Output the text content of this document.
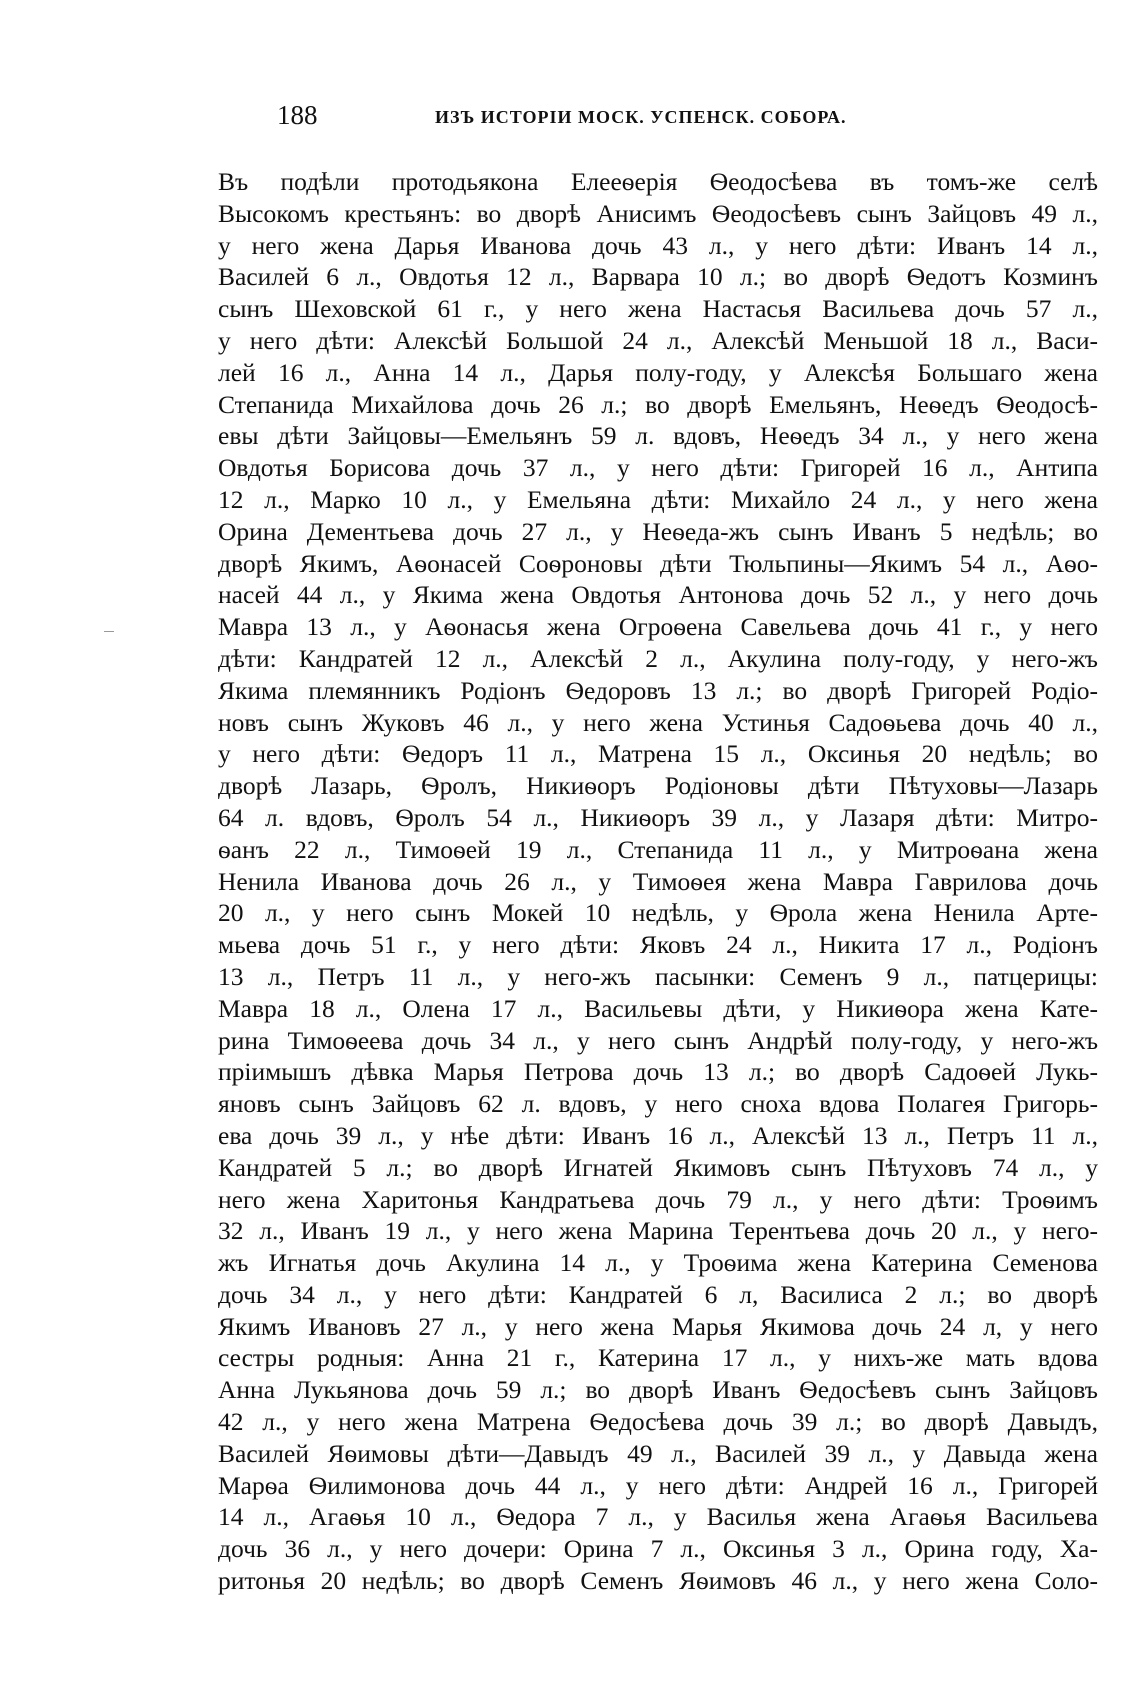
188	ИЗЪ ИСТОРІИ МОСК. УСПЕНСК. СОБОРА.
Въ подѣли протодьякона Елееѳерія Ѳеодосѣева въ томъ-же селѣ
Высокомъ крестьянъ: во дворѣ Анисимъ Ѳеодосѣевъ сынъ Зайцовъ 49 л.,
у него жена Дарья Иванова дочь 43 л., у него дѣти: Иванъ 14 л.,
Василей 6 л., Овдотья 12 л., Варвара 10 л.; во дворѣ Ѳедотъ Козминъ
сынъ Шеховской 61 г., у него жена Настасья Васильева дочь 57 л.,
у него дѣти: Алексѣй Большой 24 л., Алексѣй Меньшой 18 л., Васи-
лей 16 л., Анна 14 л., Дарья полу-году, у Алексѣя Большаго жена
Степанида Михайлова дочь 26 л.; во дворѣ Емельянъ, Неѳедъ Ѳеодосѣ-
евы дѣти Зайцовы—Емельянъ 59 л. вдовъ, Неѳедъ 34 л., у него жена
Овдотья Борисова дочь 37 л., у него дѣти: Григорей 16 л., Антипа
12 л., Марко 10 л., у Емельяна дѣти: Михайло 24 л., у него жена
Орина Дементьева дочь 27 л., у Неѳеда-жъ сынъ Иванъ 5 недѣль; во
дворѣ Якимъ, Аѳонасей Соѳроновы дѣти Тюльпины—Якимъ 54 л., Аѳо-
насей 44 л., у Якима жена Овдотья Антонова дочь 52 л., у него дочь
Мавра 13 л., у Аѳонасья жена Огроѳена Савельева дочь 41 г., у него
дѣти: Кандратей 12 л., Алексѣй 2 л., Акулина полу-году, у него-жъ
Якима племянникъ Родіонъ Ѳедоровъ 13 л.; во дворѣ Григорей Родіо-
новъ сынъ Жуковъ 46 л., у него жена Устинья Садоѳьева дочь 40 л.,
у него дѣти: Ѳедоръ 11 л., Матрена 15 л., Оксинья 20 недѣль; во
дворѣ Лазарь, Ѳролъ, Никиѳоръ Родіоновы дѣти Пѣтуховы—Лазарь
64 л. вдовъ, Ѳролъ 54 л., Никиѳоръ 39 л., у Лазаря дѣти: Митро-
ѳанъ 22 л., Тимоѳей 19 л., Степанида 11 л., у Митроѳана жена
Ненила Иванова дочь 26 л., у Тимоѳея жена Мавра Гаврилова дочь
20 л., у него сынъ Мокей 10 недѣль, у Ѳрола жена Ненила Арте-
мьева дочь 51 г., у него дѣти: Яковъ 24 л., Никита 17 л., Родіонъ
13 л., Петръ 11 л., у него-жъ пасынки: Семенъ 9 л., патцерицы:
Мавра 18 л., Олена 17 л., Васильевы дѣти, у Никиѳора жена Кате-
рина Тимоѳеева дочь 34 л., у него сынъ Андрѣй полу-году, у него-жъ
пріимышъ дѣвка Марья Петрова дочь 13 л.; во дворѣ Садоѳей Лукь-
яновъ сынъ Зайцовъ 62 л. вдовъ, у него сноха вдова Полагея Григорь-
ева дочь 39 л., у нѣе дѣти: Иванъ 16 л., Алексѣй 13 л., Петръ 11 л.,
Кандратей 5 л.; во дворѣ Игнатей Якимовъ сынъ Пѣтуховъ 74 л., у
него жена Харитонья Кандратьева дочь 79 л., у него дѣти: Троѳимъ
32 л., Иванъ 19 л., у него жена Марина Терентьева дочь 20 л., у него-
жъ Игнатья дочь Акулина 14 л., у Троѳима жена Катерина Семенова
дочь 34 л., у него дѣти: Кандратей 6 л, Василиса 2 л.; во дворѣ
Якимъ Ивановъ 27 л., у него жена Марья Якимова дочь 24 л, у него
сестры родныя: Анна 21 г., Катерина 17 л., у нихъ-же мать вдова
Анна Лукьянова дочь 59 л.; во дворѣ Иванъ Ѳедосѣевъ сынъ Зайцовъ
42 л., у него жена Матрена Ѳедосѣева дочь 39 л.; во дворѣ Давыдъ,
Василей Яѳимовы дѣти—Давыдъ 49 л., Василей 39 л., у Давыда жена
Марѳа Ѳилимонова дочь 44 л., у него дѣти: Андрей 16 л., Григорей
14 л., Агаѳья 10 л., Ѳедора 7 л., у Василья жена Агаѳья Васильева
дочь 36 л., у него дочери: Орина 7 л., Оксинья 3 л., Орина году, Ха-
ритонья 20 недѣль; во дворѣ Семенъ Яѳимовъ 46 л., у него жена Соло-
